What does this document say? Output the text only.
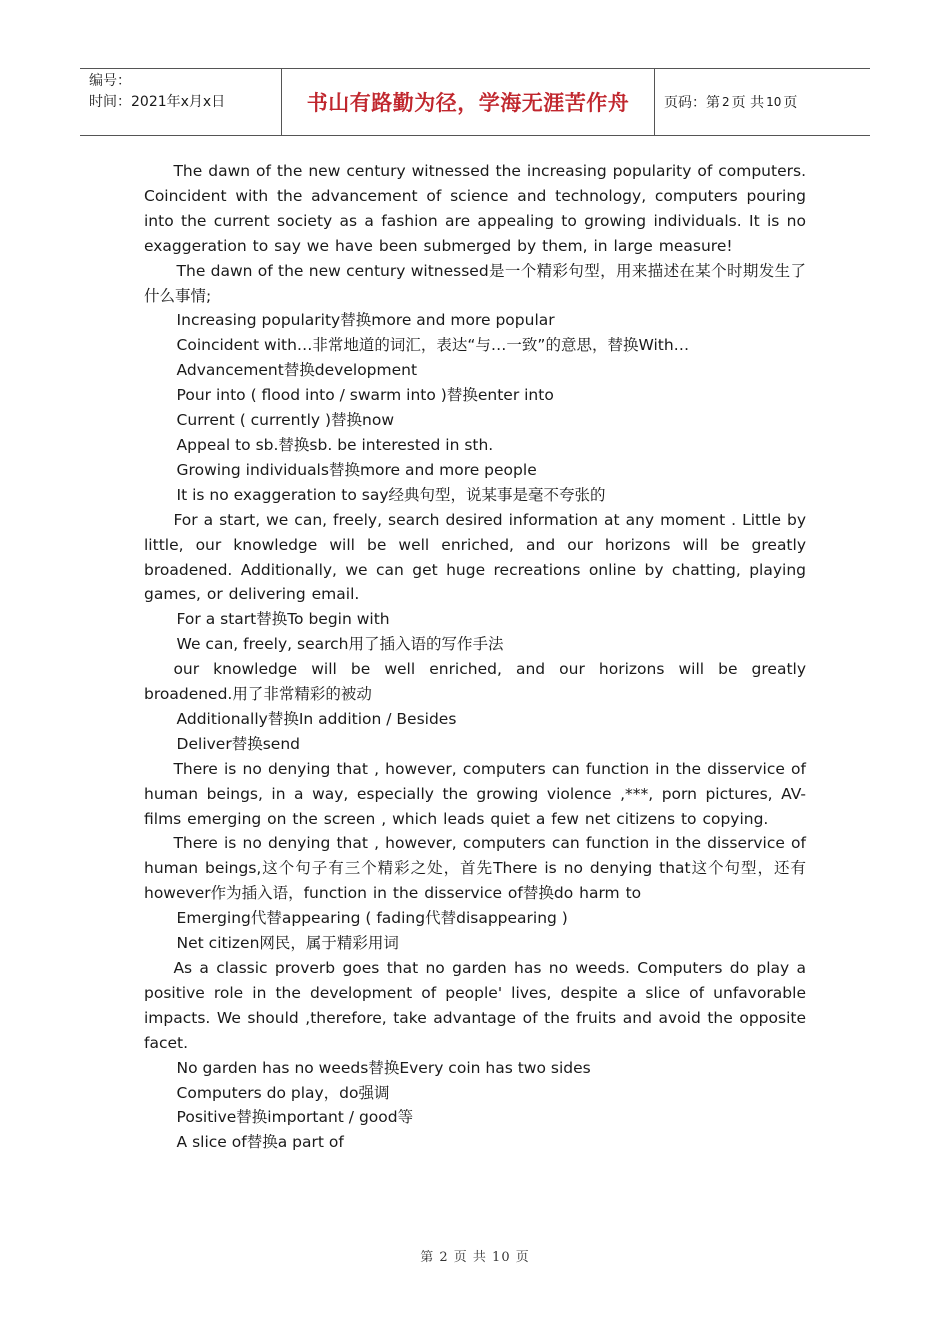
编号：
时间：2021年x月x日	书山有路勤为径，学海无涯苦作舟	页码：第 2 页 共 10 页

The dawn of the new century witnessed the increasing popularity of computers. Coincident with the advancement of science and technology, computers pouring into the current society as a fashion are appealing to growing individuals. It is no exaggeration to say we have been submerged by them, in large measure!

The dawn of the new century witnessed是一个精彩句型，用来描述在某个时期发生了什么事情;

Increasing popularity替换more and more popular

Coincident with…非常地道的词汇，表达“与…一致”的意思，替换With…

Advancement替换development

Pour into ( flood into / swarm into )替换enter into

Current ( currently )替换now

Appeal to sb.替换sb. be interested in sth.

Growing individuals替换more and more people

It is no exaggeration to say经典句型，说某事是毫不夸张的

For a start, we can, freely, search desired information at any moment . Little by little, our knowledge will be well enriched, and our horizons will be greatly broadened. Additionally, we can get huge recreations online by chatting, playing games, or delivering email.

For a start替换To begin with

We can, freely, search用了插入语的写作手法

our knowledge will be well enriched, and our horizons will be greatly broadened.用了非常精彩的被动

Additionally替换In addition / Besides

Deliver替换send

There is no denying that , however, computers can function in the disservice of human beings, in a way, especially the growing violence ,***, porn pictures, AV-films emerging on the screen , which leads quiet a few net citizens to copying.

There is no denying that , however, computers can function in the disservice of human beings,这个句子有三个精彩之处，首先There is no denying that这个句型，还有however作为插入语，function in the disservice of替换do harm to

Emerging代替appearing ( fading代替disappearing )

Net citizen网民，属于精彩用词

As a classic proverb goes that no garden has no weeds. Computers do play a positive role in the development of people' lives, despite a slice of unfavorable impacts. We should ,therefore, take advantage of the fruits and avoid the opposite facet.

No garden has no weeds替换Every coin has two sides

Computers do play，do强调

Positive替换important / good等

A slice of替换a part of

第 2 页 共 10 页
